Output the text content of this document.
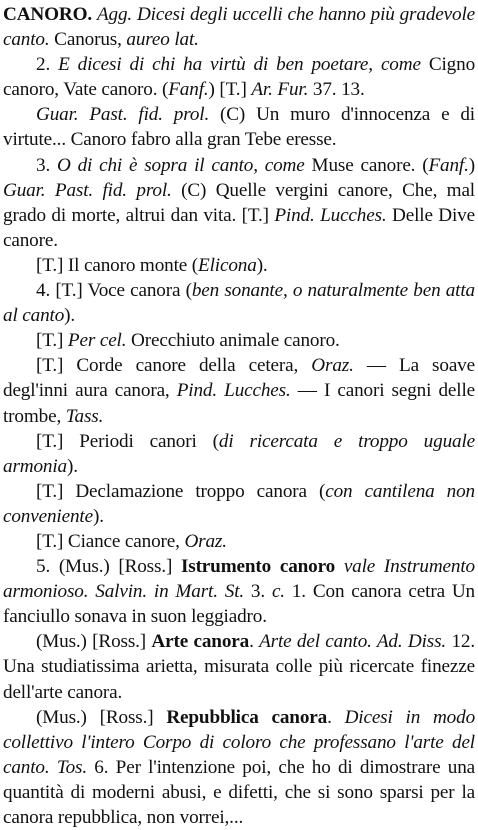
CANORO. Agg. Dicesi degli uccelli che hanno più gradevole canto. Canorus, aureo lat.

2. E dicesi di chi ha virtù di ben poetare, come Cigno canoro, Vate canoro. (Fanf.) [T.] Ar. Fur. 37. 13.

Guar. Past. fid. prol. (C) Un muro d'innocenza e di virtute... Canoro fabro alla gran Tebe eresse.

3. O di chi è sopra il canto, come Muse canore. (Fanf.) Guar. Past. fid. prol. (C) Quelle vergini canore, Che, mal grado di morte, altrui dan vita. [T.] Pind. Lucches. Delle Dive canore.

[T.] Il canoro monte (Elicona).

4. [T.] Voce canora (ben sonante, o naturalmente ben atta al canto).

[T.] Per cel. Orecchiuto animale canoro.

[T.] Corde canore della cetera, Oraz. — La soave degl'inni aura canora, Pind. Lucches. — I canori segni delle trombe, Tass.

[T.] Periodi canori (di ricercata e troppo uguale armonia).

[T.] Declamazione troppo canora (con cantilena non conveniente).

[T.] Ciance canore, Oraz.

5. (Mus.) [Ross.] Istrumento canoro vale Instrumento armonioso. Salvin. in Mart. St. 3. c. 1. Con canora cetra Un fanciullo sonava in suon leggiadro.

(Mus.) [Ross.] Arte canora. Arte del canto. Ad. Diss. 12. Una studiatissima arietta, misurata colle più ricercate finezze dell'arte canora.

(Mus.) [Ross.] Repubblica canora. Dicesi in modo collettivo l'intero Corpo di coloro che professano l'arte del canto. Tos. 6. Per l'intenzione poi, che ho di dimostrare una quantità di moderni abusi, e difetti, che si sono sparsi per la canora repubblica, non vorrei,...
